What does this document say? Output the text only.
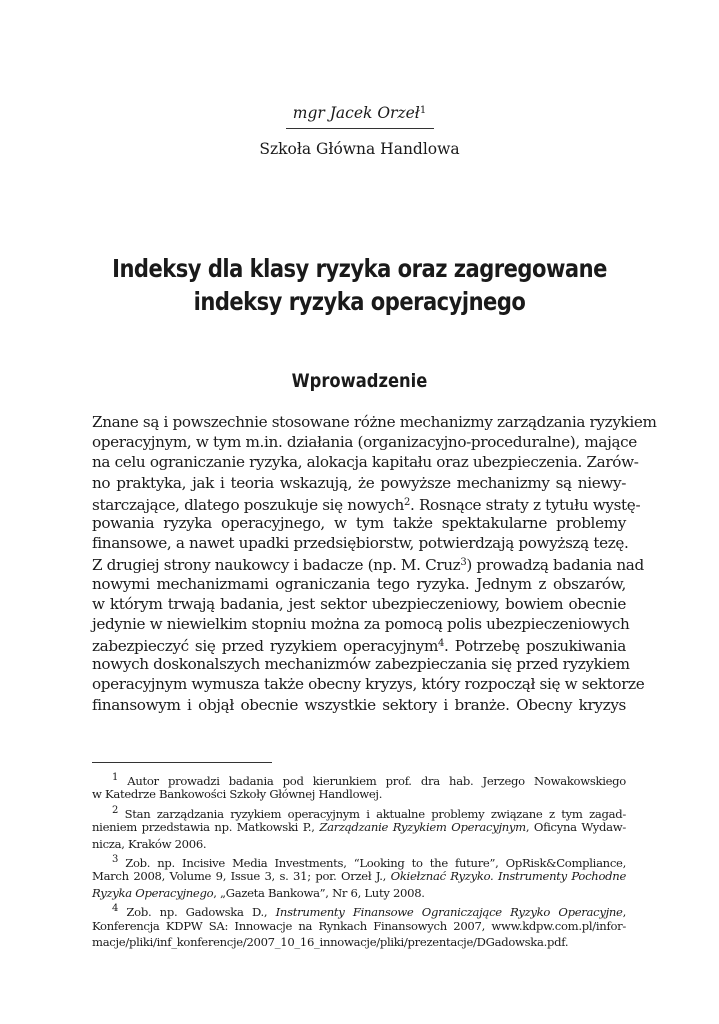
mgr Jacek Orzeł$^1$
Szkoła Główna Handlowa
Indeksy dla klasy ryzyka oraz zagregowane
indeksy ryzyka operacyjnego
Wprowadzenie
Znane są i powszechnie stosowane różne mechanizmy zarządzania ryzykiem
operacyjnym, w tym m.in. działania (organizacyjno-proceduralne), mające
na celu ograniczanie ryzyka, alokacja kapitału oraz ubezpieczenia. Zarów-
no praktyka, jak i teoria wskazują, że powyższe mechanizmy są niewy-
starczające, dlatego poszukuje się nowych$^2$. Rosnące straty z tytułu wystę-
powania ryzyka operacyjnego, w tym także spektakularne problemy
finansowe, a nawet upadki przedsiębiorstw, potwierdzają powyższą tezę.
Z drugiej strony naukowcy i badacze (np. M. Cruz$^3$) prowadzą badania nad
nowymi mechanizmami ograniczania tego ryzyka. Jednym z obszarów,
w którym trwają badania, jest sektor ubezpieczeniowy, bowiem obecnie
jedynie w niewielkim stopniu można za pomocą polis ubezpieczeniowych
zabezpieczyć się przed ryzykiem operacyjnym$^4$. Potrzebę poszukiwania
nowych doskonalszych mechanizmów zabezpieczania się przed ryzykiem
operacyjnym wymusza także obecny kryzys, który rozpoczął się w sektorze
finansowym i objął obecnie wszystkie sektory i branże. Obecny kryzys
$^1$ Autor prowadzi badania pod kierunkiem prof. dra hab. Jerzego Nowakowskiego
w Katedrze Bankowości Szkoły Głównej Handlowej.
$^2$ Stan zarządzania ryzykiem operacyjnym i aktualne problemy związane z tym zagad-
nieniem przedstawia np. Matkowski P., Zarządzanie Ryzykiem Operacyjnym, Oficyna Wydaw-
nicza, Kraków 2006.
$^3$ Zob. np. Incisive Media Investments, “Looking to the future”, OpRisk&Compliance,
March 2008, Volume 9, Issue 3, s. 31; por. Orzeł J., Okiełznać Ryzyko. Instrumenty Pochodne
Ryzyka Operacyjnego, „Gazeta Bankowa”, Nr 6, Luty 2008.
$^4$ Zob. np. Gadowska D., Instrumenty Finansowe Ograniczające Ryzyko Operacyjne,
Konferencja KDPW SA: Innowacje na Rynkach Finansowych 2007, www.kdpw.com.pl/infor-
macje/pliki/inf_konferencje/2007_10_16_innowacje/pliki/prezentacje/DGadowska.pdf.
